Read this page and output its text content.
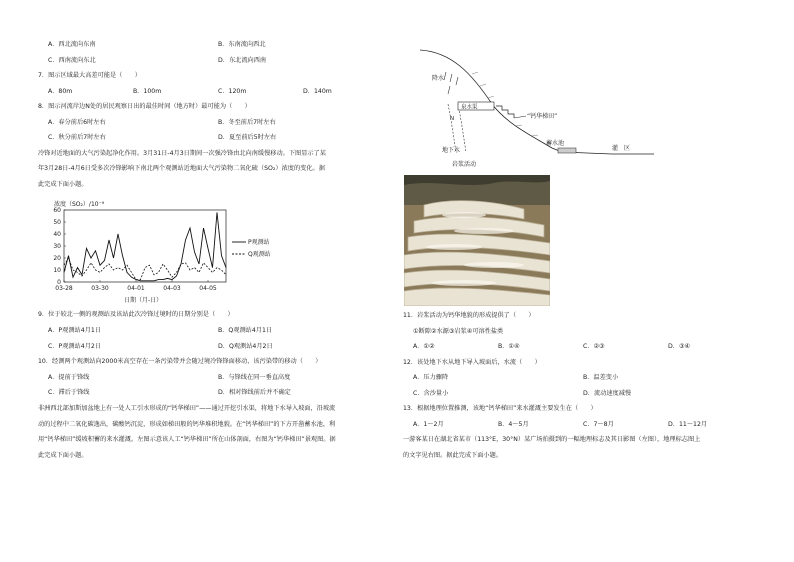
A．西北流向东南	B．东南流向西北
C．西南流向东北	D．东北流向西南
7．图示区域最大高差可能是（　　）
A．80m	B．100m	C．120m	D．140m
8．图示河流岸边N处的居民观察日出的最佳时间（地方时）最可能为（　　）
A．春分前后6时左右	B．冬至前后7时左右
C．秋分前后7时左右	D．夏至前后5时左右
冷锋对近地面的大气污染起净化作用。3月31日-4月3日期间一次强冷锋由北向南缓慢移动。下图显示了某
年3月28日-4月6日受多次冷锋影响下南北两个观测站近地面大气污染物二氧化硫（SO₂）浓度的变化。据
此完成下面小题。
浓度（SO₂）/10⁻⁹
0
10
20
30
40
50
60
03-28	03-30	04-01	04-03	04-05
P观测站
Q观测站
日期（月-日）
9．位于较北一侧的观测站及该站此次冷锋过境时的日期分别是（　　）
A．P观测站4月1日	B．Q观测站4月1日
C．P观测站4月2日	D．Q观测站4月2日
10．经测两个观测站向2000米高空存在一条污染带并会随过境冷锋锋面移动，该污染带的移动（　　）
A．提前于锋线	B．与锋线在同一垂直高度
C．滞后于锋线	D．相对锋线前后并不确定
非洲西北部加斯加盆地上有一处人工引水形成的“钙华梯田”——通过开挖引水渠，将地下水导入坡面，沿坡流
动的过程中二氧化碳逸出，碳酸钙沉淀，形成如梯田般的钙华堆积地貌。在“钙华梯田”的下方开凿蓄水池，利
用“钙华梯田”缓坡积蓄的来水灌溉。左图示意该人工“钙华梯田”所在山体剖面，右图为“钙华梯田”景观图。据
此完成下面小题。
降水
泉水渠
N
地下水
岩浆活动
“钙华梯田”
蓄水池
灌　区
11．岩浆活动为钙华地貌的形成提供了（　　）
①断隙②水源③岩浆④可溶性盐类
A．①②	B．①④	C．②③	D．③④
12．该处地下水从地下导入坡面后，水流（　　）
A．压力骤降	B．温差变小
C．含沙量小	D．流动速度减慢
13．根据地理位置推测，该地“钙华梯田”来水灌溉主要发生在（　　）
A．1～2月	B．4～5月	C．7～8月	D．11～12月
一游客某日在湖北省某市（113°E，30°N）某广场拍摄到的一幅地理标志及其日影图（左图），地理标志图上
的文字见右图。据此完成下面小题。
